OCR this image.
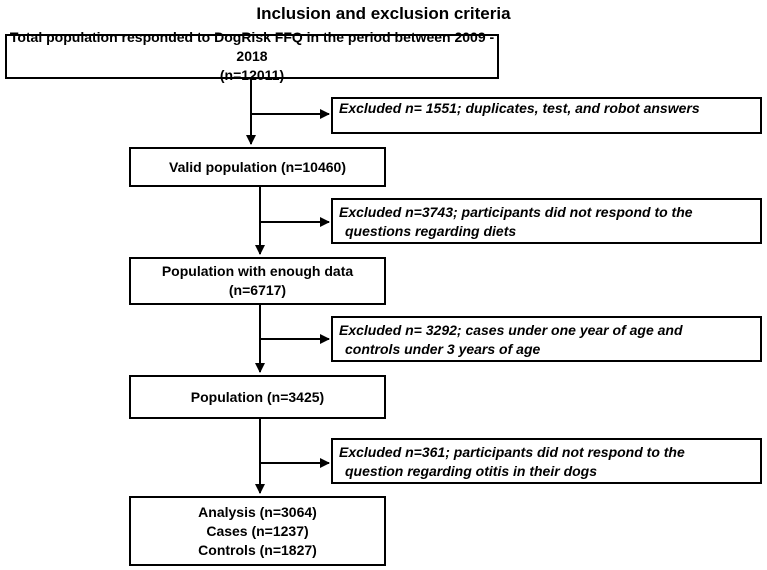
Inclusion and exclusion criteria
Total population responded to DogRisk FFQ in the period between 2009 - 2018
(n=12011)
Valid population (n=10460)
Population with enough data
(n=6717)
Population (n=3425)
Analysis (n=3064)
Cases (n=1237)
Controls (n=1827)
Excluded n= 1551; duplicates, test, and robot answers
Excluded n=3743; participants did not respond to the
questions regarding diets
Excluded n= 3292; cases under one year of age and
controls under 3 years of age
Excluded n=361; participants did not respond to the
question regarding otitis in their dogs
